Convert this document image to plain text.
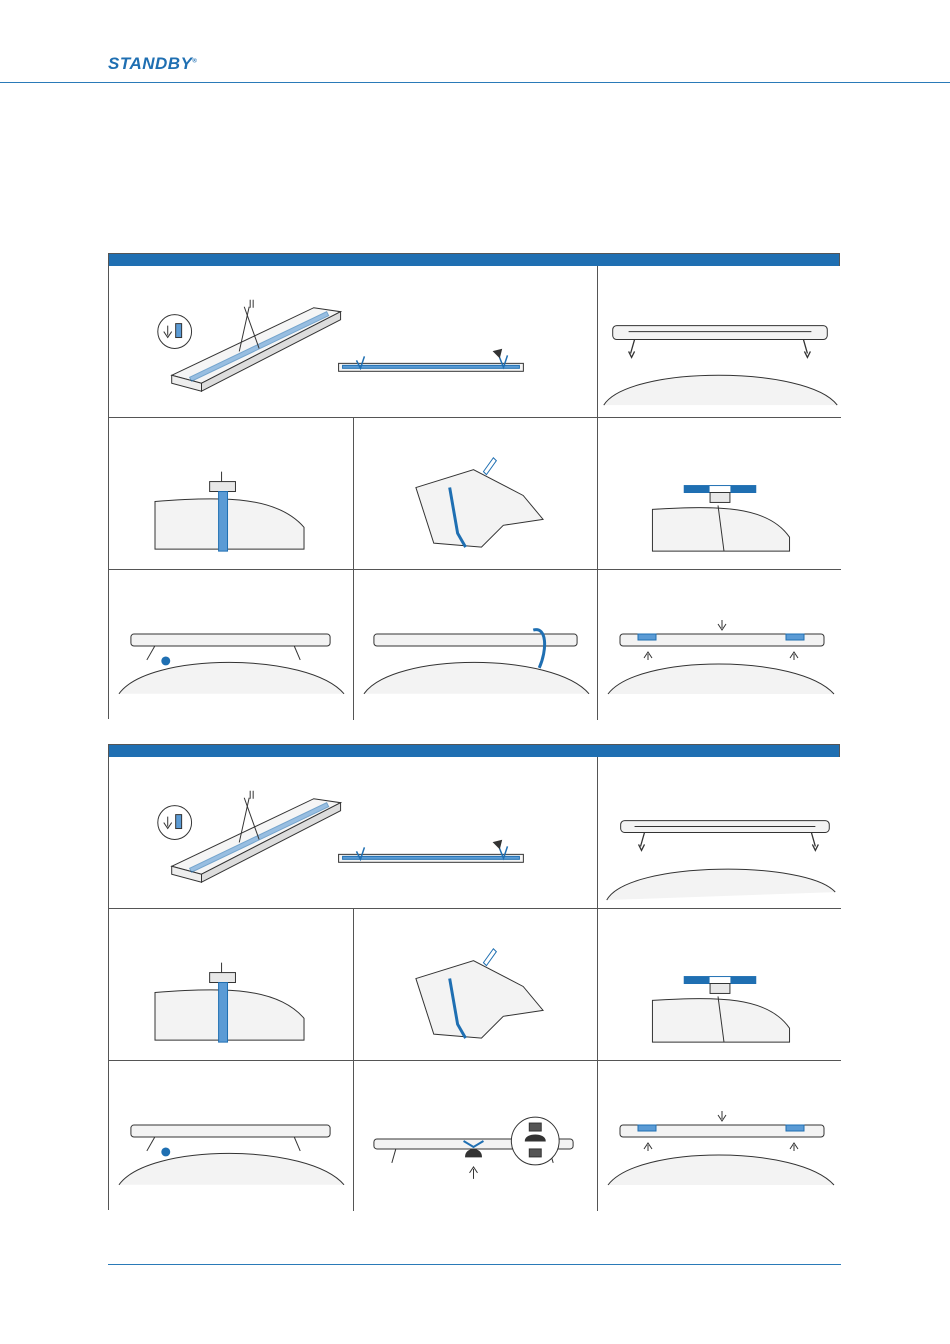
STANDBY®
